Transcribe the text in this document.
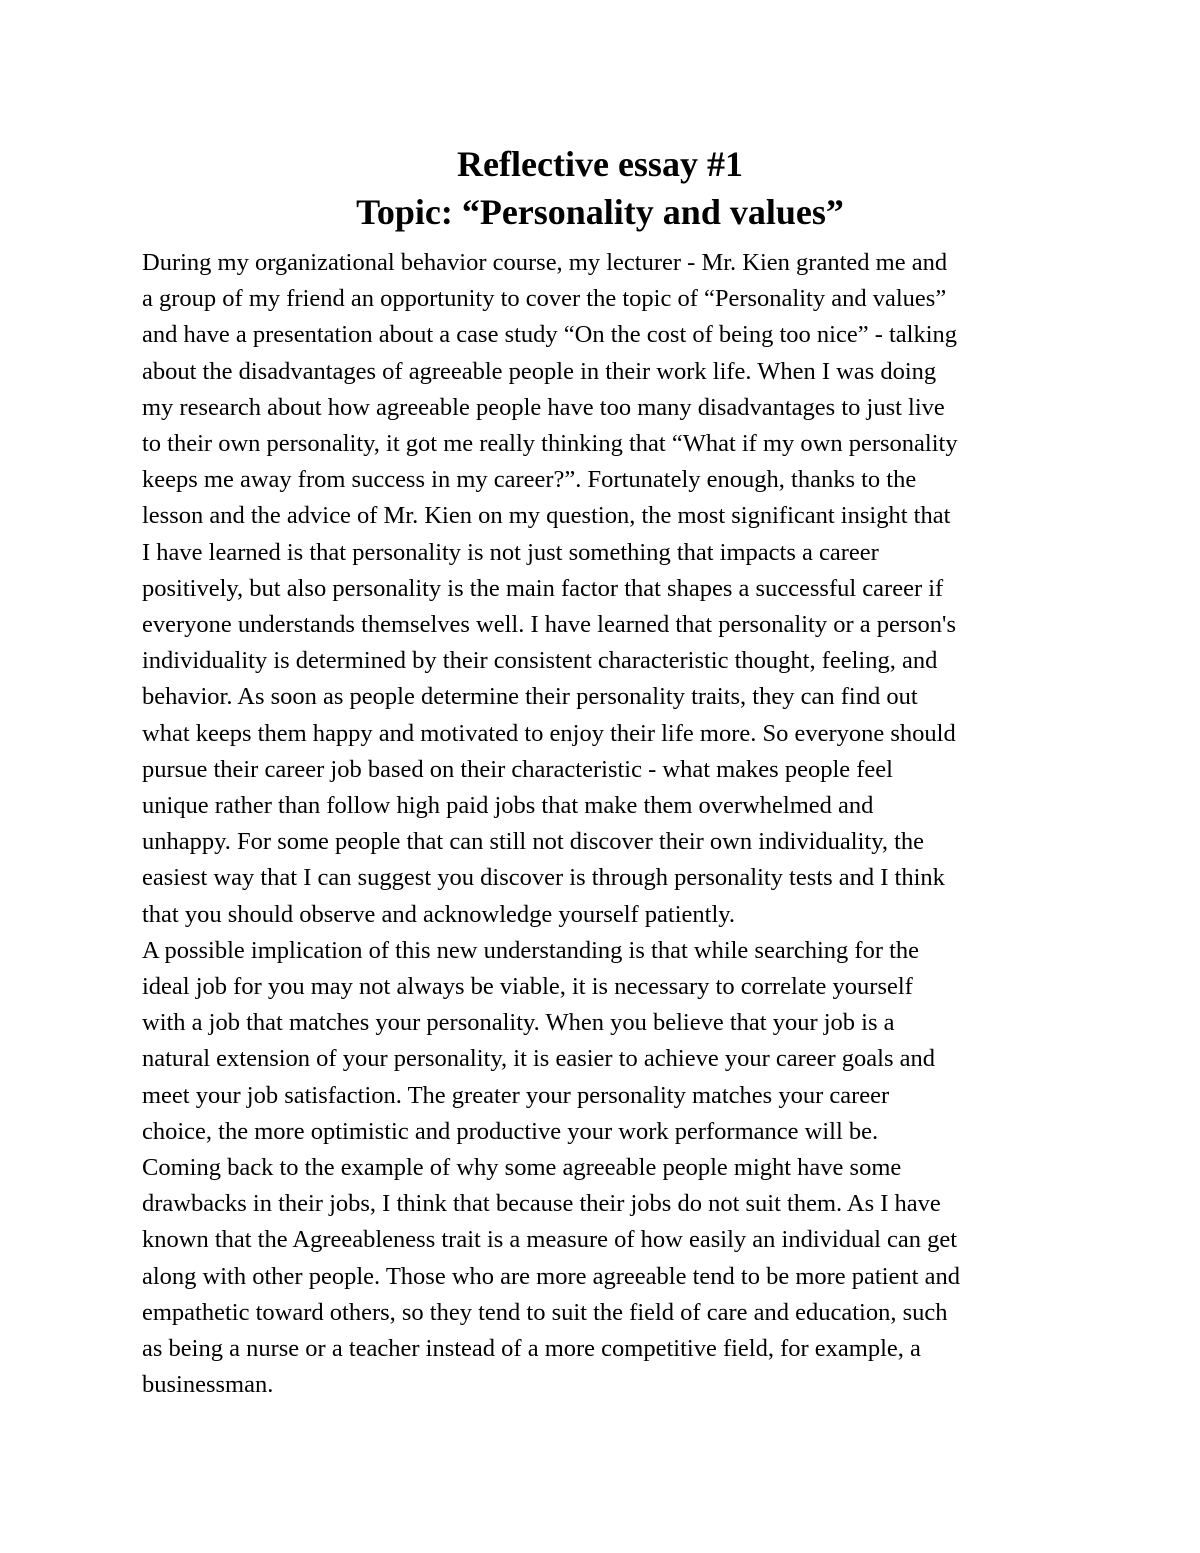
Reflective essay #1
Topic: “Personality and values”
During my organizational behavior course, my lecturer - Mr. Kien granted me and
a group of my friend an opportunity to cover the topic of “Personality and values”
and have a presentation about a case study “On the cost of being too nice” - talking
about the disadvantages of agreeable people in their work life. When I was doing
my research about how agreeable people have too many disadvantages to just live
to their own personality, it got me really thinking that “What if my own personality
keeps me away from success in my career?”. Fortunately enough, thanks to the
lesson and the advice of Mr. Kien on my question, the most significant insight that
I have learned is that personality is not just something that impacts a career
positively, but also personality is the main factor that shapes a successful career if
everyone understands themselves well. I have learned that personality or a person's
individuality is determined by their consistent characteristic thought, feeling, and
behavior. As soon as people determine their personality traits, they can find out
what keeps them happy and motivated to enjoy their life more. So everyone should
pursue their career job based on their characteristic - what makes people feel
unique rather than follow high paid jobs that make them overwhelmed and
unhappy. For some people that can still not discover their own individuality, the
easiest way that I can suggest you discover is through personality tests and I think
that you should observe and acknowledge yourself patiently.
A possible implication of this new understanding is that while searching for the
ideal job for you may not always be viable, it is necessary to correlate yourself
with a job that matches your personality. When you believe that your job is a
natural extension of your personality, it is easier to achieve your career goals and
meet your job satisfaction. The greater your personality matches your career
choice, the more optimistic and productive your work performance will be.
Coming back to the example of why some agreeable people might have some
drawbacks in their jobs, I think that because their jobs do not suit them. As I have
known that the Agreeableness trait is a measure of how easily an individual can get
along with other people. Those who are more agreeable tend to be more patient and
empathetic toward others, so they tend to suit the field of care and education, such
as being a nurse or a teacher instead of a more competitive field, for example, a
businessman.
